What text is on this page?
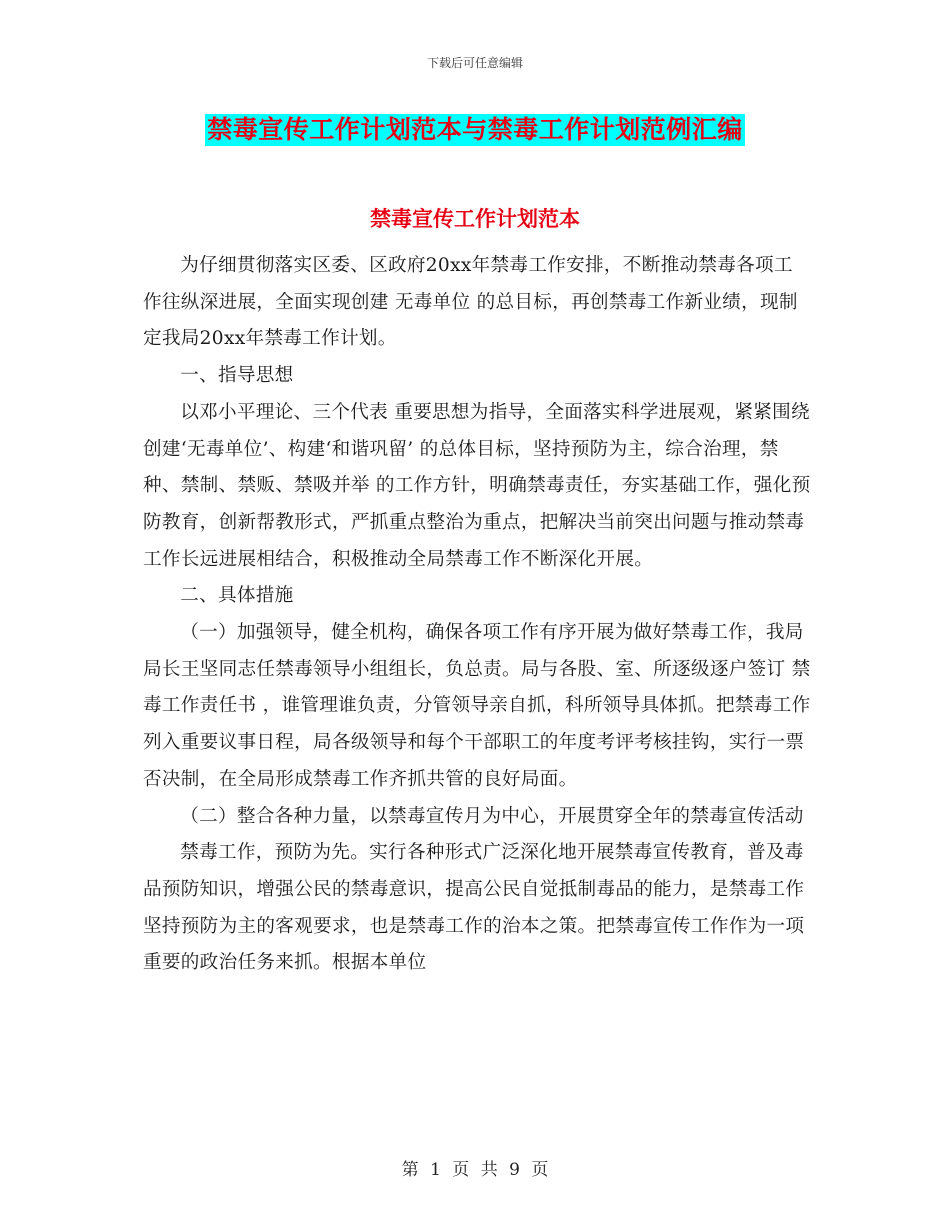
下载后可任意编辑
禁毒宣传工作计划范本与禁毒工作计划范例汇编
禁毒宣传工作计划范本

为仔细贯彻落实区委、区政府20xx年禁毒工作安排，不断推动禁毒各项工作往纵深进展，全面实现创建 无毒单位 的总目标，再创禁毒工作新业绩，现制定我局20xx年禁毒工作计划。

一、指导思想

以邓小平理论、三个代表 重要思想为指导，全面落实科学进展观，紧紧围绕 创建‘无毒单位’、构建‘和谐巩留’ 的总体目标，坚持预防为主，综合治理，禁种、禁制、禁贩、禁吸并举 的工作方针，明确禁毒责任，夯实基础工作，强化预防教育，创新帮教形式，严抓重点整治为重点，把解决当前突出问题与推动禁毒工作长远进展相结合，积极推动全局禁毒工作不断深化开展。

二、具体措施

（一）加强领导，健全机构，确保各项工作有序开展为做好禁毒工作，我局局长王坚同志任禁毒领导小组组长，负总责。局与各股、室、所逐级逐户签订 禁毒工作责任书 ，谁管理谁负责，分管领导亲自抓，科所领导具体抓。把禁毒工作列入重要议事日程，局各级领导和每个干部职工的年度考评考核挂钩，实行一票否决制，在全局形成禁毒工作齐抓共管的良好局面。

（二）整合各种力量，以禁毒宣传月为中心，开展贯穿全年的禁毒宣传活动

禁毒工作，预防为先。实行各种形式广泛深化地开展禁毒宣传教育，普及毒品预防知识，增强公民的禁毒意识，提高公民自觉抵制毒品的能力，是禁毒工作坚持预防为主的客观要求，也是禁毒工作的治本之策。把禁毒宣传工作作为一项重要的政治任务来抓。根据本单位

第 1 页 共 9 页
